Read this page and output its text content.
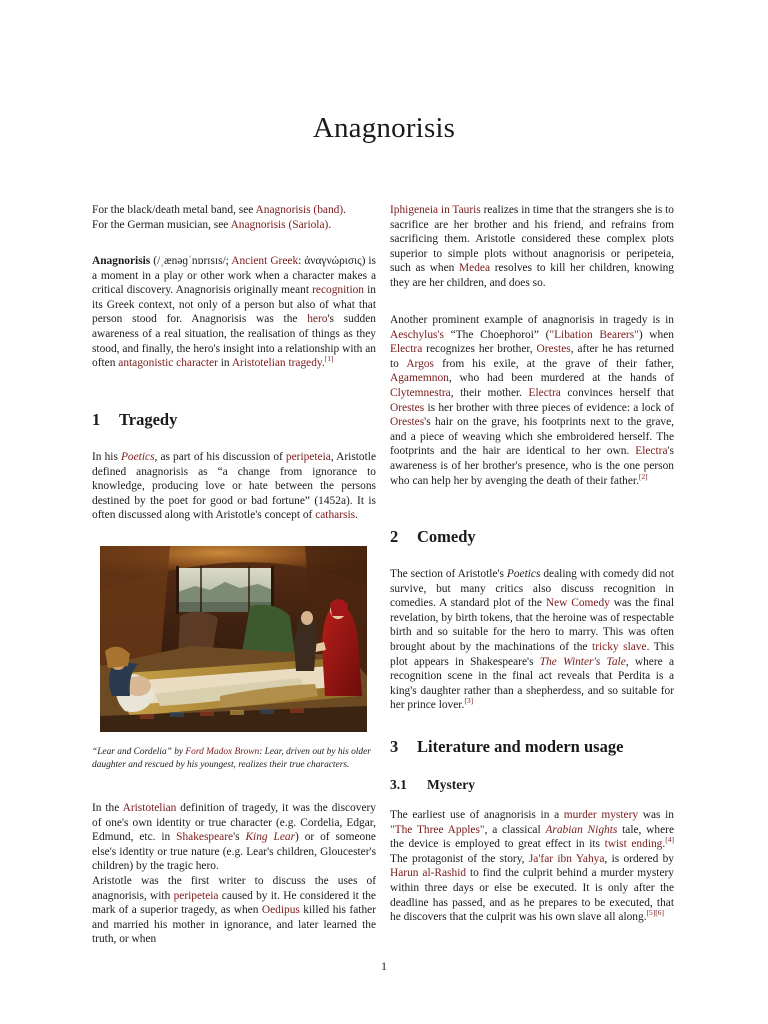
Anagnorisis

For the black/death metal band, see Anagnorisis (band).

For the German musician, see Anagnorisis (Sariola).

Anagnorisis (/ˌænəɡˈnɒrɪsɪs/; Ancient Greek: ἀναγνώρισις) is a moment in a play or other work when a character makes a critical discovery. Anagnorisis originally meant recognition in its Greek context, not only of a person but also of what that person stood for. Anagnorisis was the hero's sudden awareness of a real situation, the realisation of things as they stood, and finally, the hero's insight into a relationship with an often antagonistic character in Aristotelian tragedy.[1]

1 Tragedy

In his Poetics, as part of his discussion of peripeteia, Aristotle defined anagnorisis as “a change from ignorance to knowledge, producing love or hate between the persons destined by the poet for good or bad fortune” (1452a). It is often discussed along with Aristotle's concept of catharsis.

“Lear and Cordelia” by Ford Madox Brown: Lear, driven out by his older daughter and rescued by his youngest, realizes their true characters.

In the Aristotelian definition of tragedy, it was the discovery of one's own identity or true character (e.g. Cordelia, Edgar, Edmund, etc. in Shakespeare's King Lear) or of someone else's identity or true nature (e.g. Lear's children, Gloucester's children) by the tragic hero.

Aristotle was the first writer to discuss the uses of anagnorisis, with peripeteia caused by it. He considered it the mark of a superior tragedy, as when Oedipus killed his father and married his mother in ignorance, and later learned the truth, or when

Iphigeneia in Tauris realizes in time that the strangers she is to sacrifice are her brother and his friend, and refrains from sacrificing them. Aristotle considered these complex plots superior to simple plots without anagnorisis or peripeteia, such as when Medea resolves to kill her children, knowing they are her children, and does so.

Another prominent example of anagnorisis in tragedy is in Aeschylus's “The Choephoroi” ("Libation Bearers") when Electra recognizes her brother, Orestes, after he has returned to Argos from his exile, at the grave of their father, Agamemnon, who had been murdered at the hands of Clytemnestra, their mother. Electra convinces herself that Orestes is her brother with three pieces of evidence: a lock of Orestes's hair on the grave, his footprints next to the grave, and a piece of weaving which she embroidered herself. The footprints and the hair are identical to her own. Electra's awareness is of her brother's presence, who is the one person who can help her by avenging the death of their father.[2]

2 Comedy

The section of Aristotle's Poetics dealing with comedy did not survive, but many critics also discuss recognition in comedies. A standard plot of the New Comedy was the final revelation, by birth tokens, that the heroine was of respectable birth and so suitable for the hero to marry. This was often brought about by the machinations of the tricky slave. This plot appears in Shakespeare's The Winter's Tale, where a recognition scene in the final act reveals that Perdita is a king's daughter rather than a shepherdess, and so suitable for her prince lover.[3]

3 Literature and modern usage
3.1 Mystery

The earliest use of anagnorisis in a murder mystery was in "The Three Apples", a classical Arabian Nights tale, where the device is employed to great effect in its twist ending.[4] The protagonist of the story, Ja'far ibn Yahya, is ordered by Harun al-Rashid to find the culprit behind a murder mystery within three days or else be executed. It is only after the deadline has passed, and as he prepares to be executed, that he discovers that the culprit was his own slave all along.[5][6]

1
